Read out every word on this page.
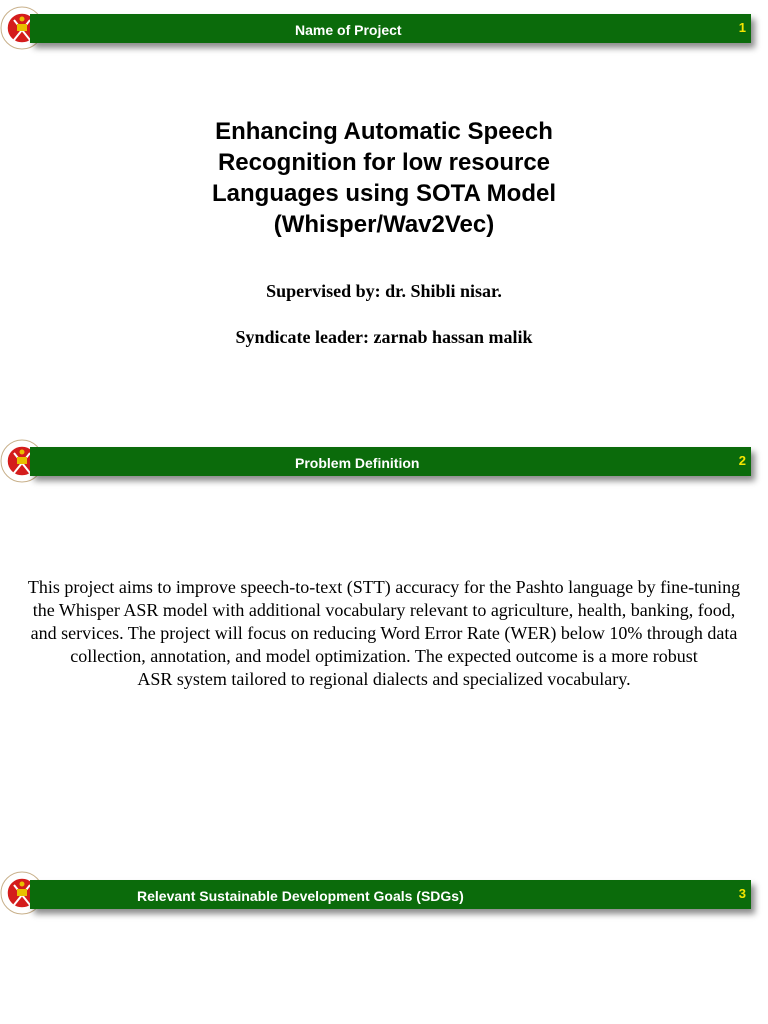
Name of Project	1
Enhancing Automatic Speech
Recognition for low resource
Languages using SOTA Model
(Whisper/Wav2Vec)
Supervised by: dr. Shibli nisar.
Syndicate leader: zarnab hassan malik
Problem Definition	2
This project aims to improve speech-to-text (STT) accuracy for the Pashto language by fine-tuning
the Whisper ASR model with additional vocabulary relevant to agriculture, health, banking, food,
and services. The project will focus on reducing Word Error Rate (WER) below 10% through data
collection, annotation, and model optimization. The expected outcome is a more robust
ASR system tailored to regional dialects and specialized vocabulary.
Relevant Sustainable Development Goals (SDGs)	3
